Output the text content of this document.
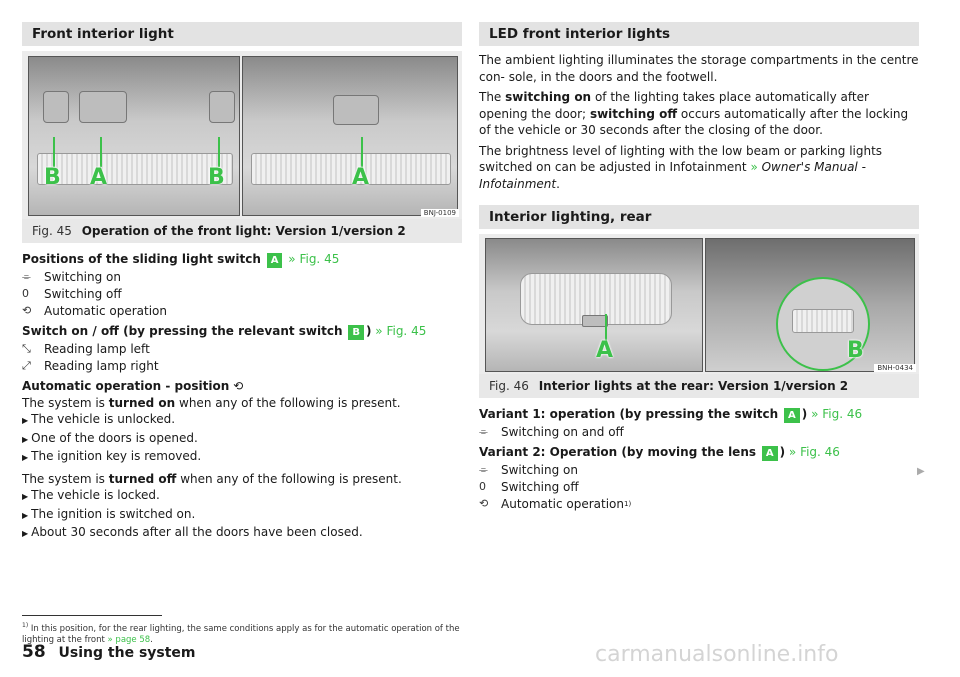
Front interior light
B A	B	A
BNJ-0109
Fig. 45 Operation of the front light: Version 1/version 2

Positions of the sliding light switch A » Fig. 45

⌯	Switching on
0	Switching off
⟲	Automatic operation

Switch on / off (by pressing the relevant switch B ) » Fig. 45

⤡	Reading lamp left
⤢	Reading lamp right

Automatic operation - position ⟲

The system is turned on when any of the following is present.

▶ The vehicle is unlocked.

▶ One of the doors is opened.

▶ The ignition key is removed.

The system is turned off when any of the following is present.

▶ The vehicle is locked.

▶ The ignition is switched on.

▶ About 30 seconds after all the doors have been closed.

LED front interior lights

The ambient lighting illuminates the storage compartments in the centre con- sole, in the doors and the footwell.

The switching on of the lighting takes place automatically after opening the door; switching off occurs automatically after the locking of the vehicle or 30 seconds after the closing of the door.

The brightness level of lighting with the low beam or parking lights switched on can be adjusted in Infotainment » Owner's Manual - Infotainment.

Interior lighting, rear
A	B
BNH-0434
Fig. 46 Interior lights at the rear: Version 1/version 2

Variant 1: operation (by pressing the switch A ) » Fig. 46

⌯	Switching on and off

Variant 2: Operation (by moving the lens A ) » Fig. 46

⌯	Switching on
0	Switching off
⟲	Automatic operation 1)
▶
$^{1)}$ In this position, for the rear lighting, the same conditions apply as for the automatic operation of the lighting at the front » page 58.
58 Using the system	carmanualsonline.info
